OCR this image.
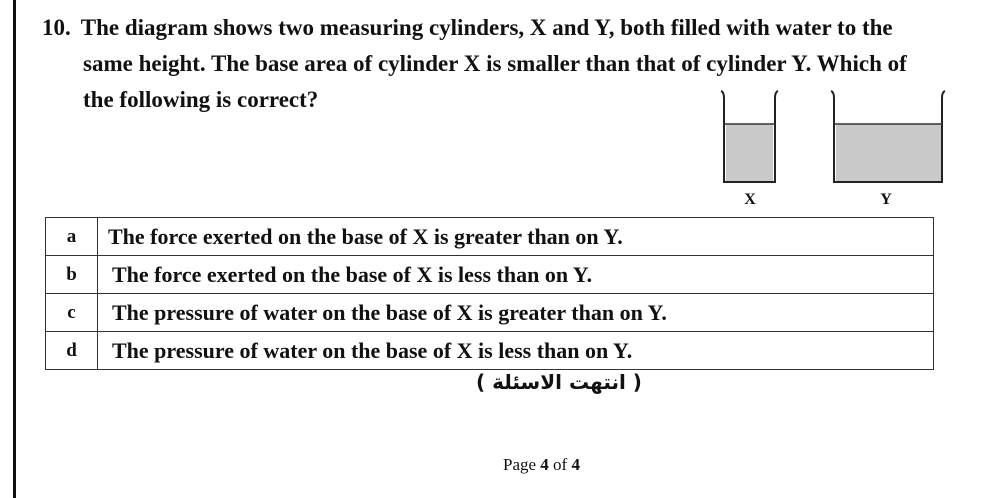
10. The diagram shows two measuring cylinders, X and Y, both filled with water to the
same height. The base area of cylinder X is smaller than that of cylinder Y. Which of
the following is correct?
X	Y
a	The force exerted on the base of X is greater than on Y.
b	The force exerted on the base of X is less than on Y.
c	The pressure of water on the base of X is greater than on Y.
d	The pressure of water on the base of X is less than on Y.
( انتهت الاسئلة )
Page 4 of 4
